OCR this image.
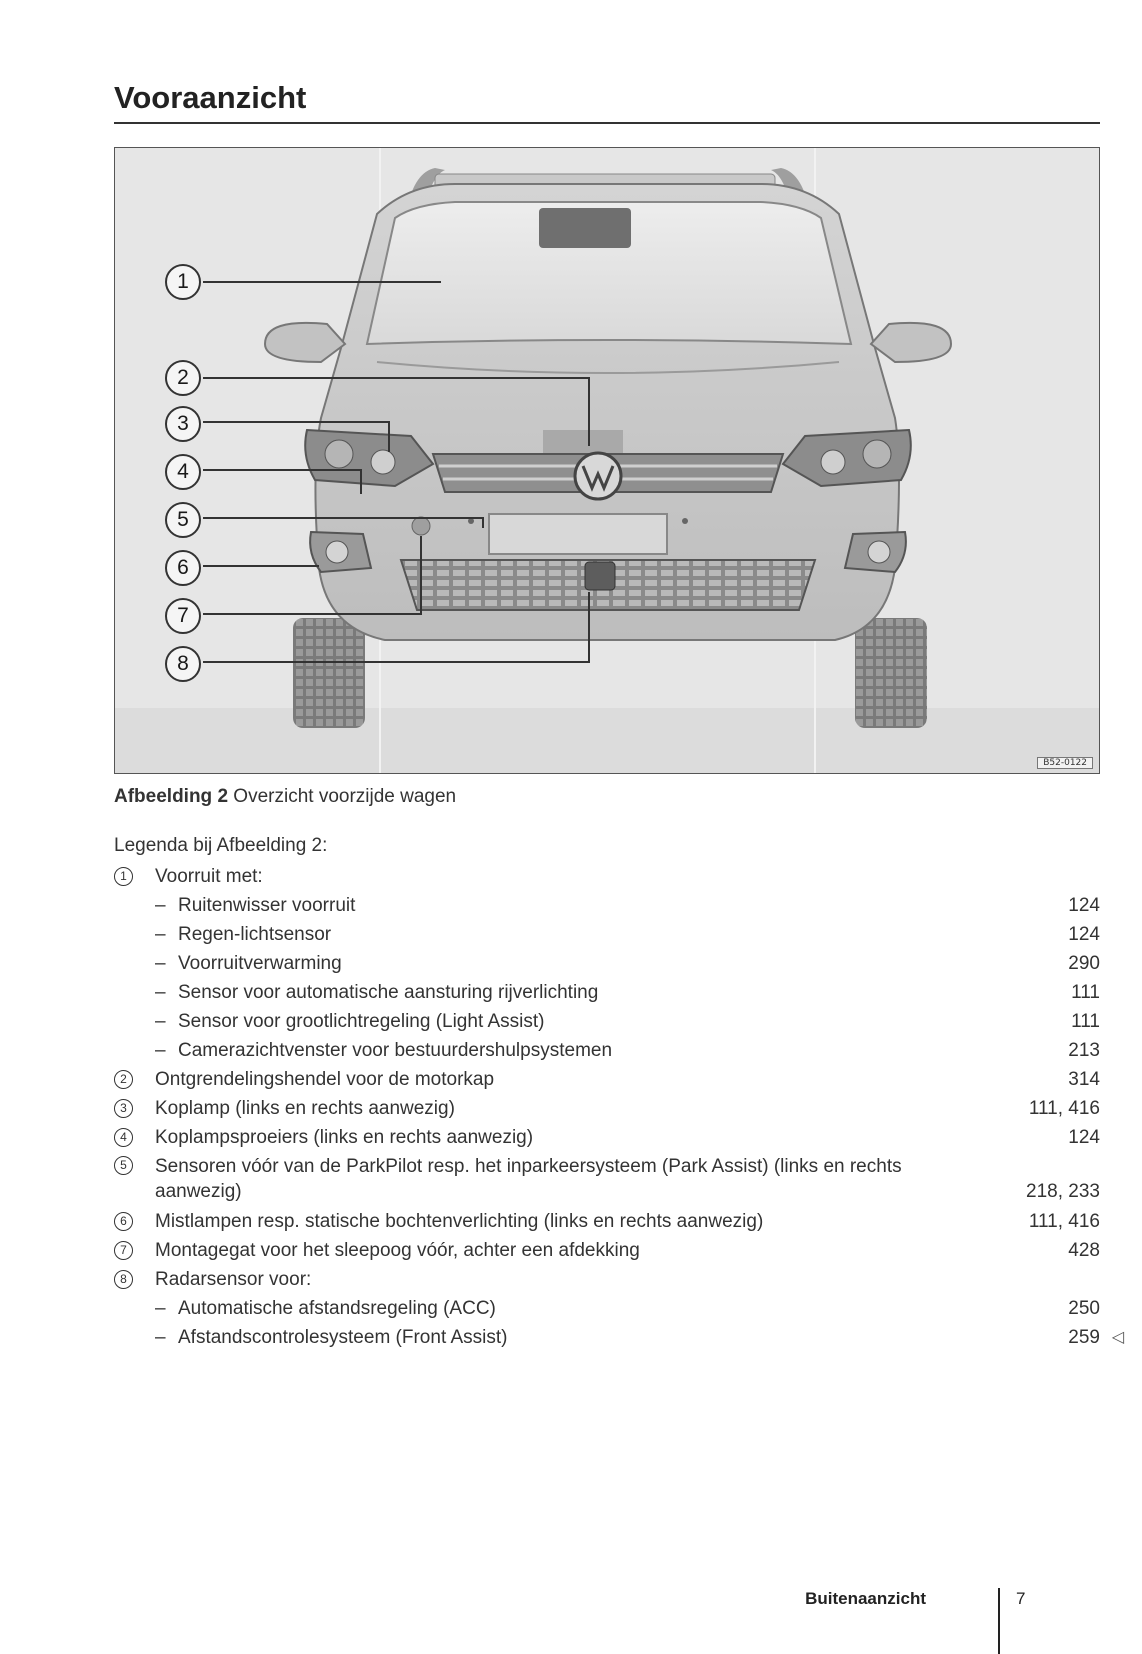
Vooraanzicht
1
2
3
4
5
6
7
8
B52-0122
Afbeelding 2 Overzicht voorzijde wagen
Legenda bij Afbeelding 2:
1	Voorruit met:
– Ruitenwisser voorruit	124
– Regen-lichtsensor	124
– Voorruitverwarming	290
– Sensor voor automatische aansturing rijverlichting	111
– Sensor voor grootlichtregeling (Light Assist)	111
– Camerazichtvenster voor bestuurdershulpsystemen	213
2	Ontgrendelingshendel voor de motorkap	314
3	Koplamp (links en rechts aanwezig)	111, 416
4	Koplampsproeiers (links en rechts aanwezig)	124
5	Sensoren vóór van de ParkPilot resp. het inparkeersysteem (Park Assist) (links en rechts aanwezig)	218, 233
6	Mistlampen resp. statische bochtenverlichting (links en rechts aanwezig)	111, 416
7	Montagegat voor het sleepoog vóór, achter een afdekking	428
8	Radarsensor voor:
– Automatische afstandsregeling (ACC)	250
– Afstandscontrolesysteem (Front Assist)	259 ◁
Buitenaanzicht	7
